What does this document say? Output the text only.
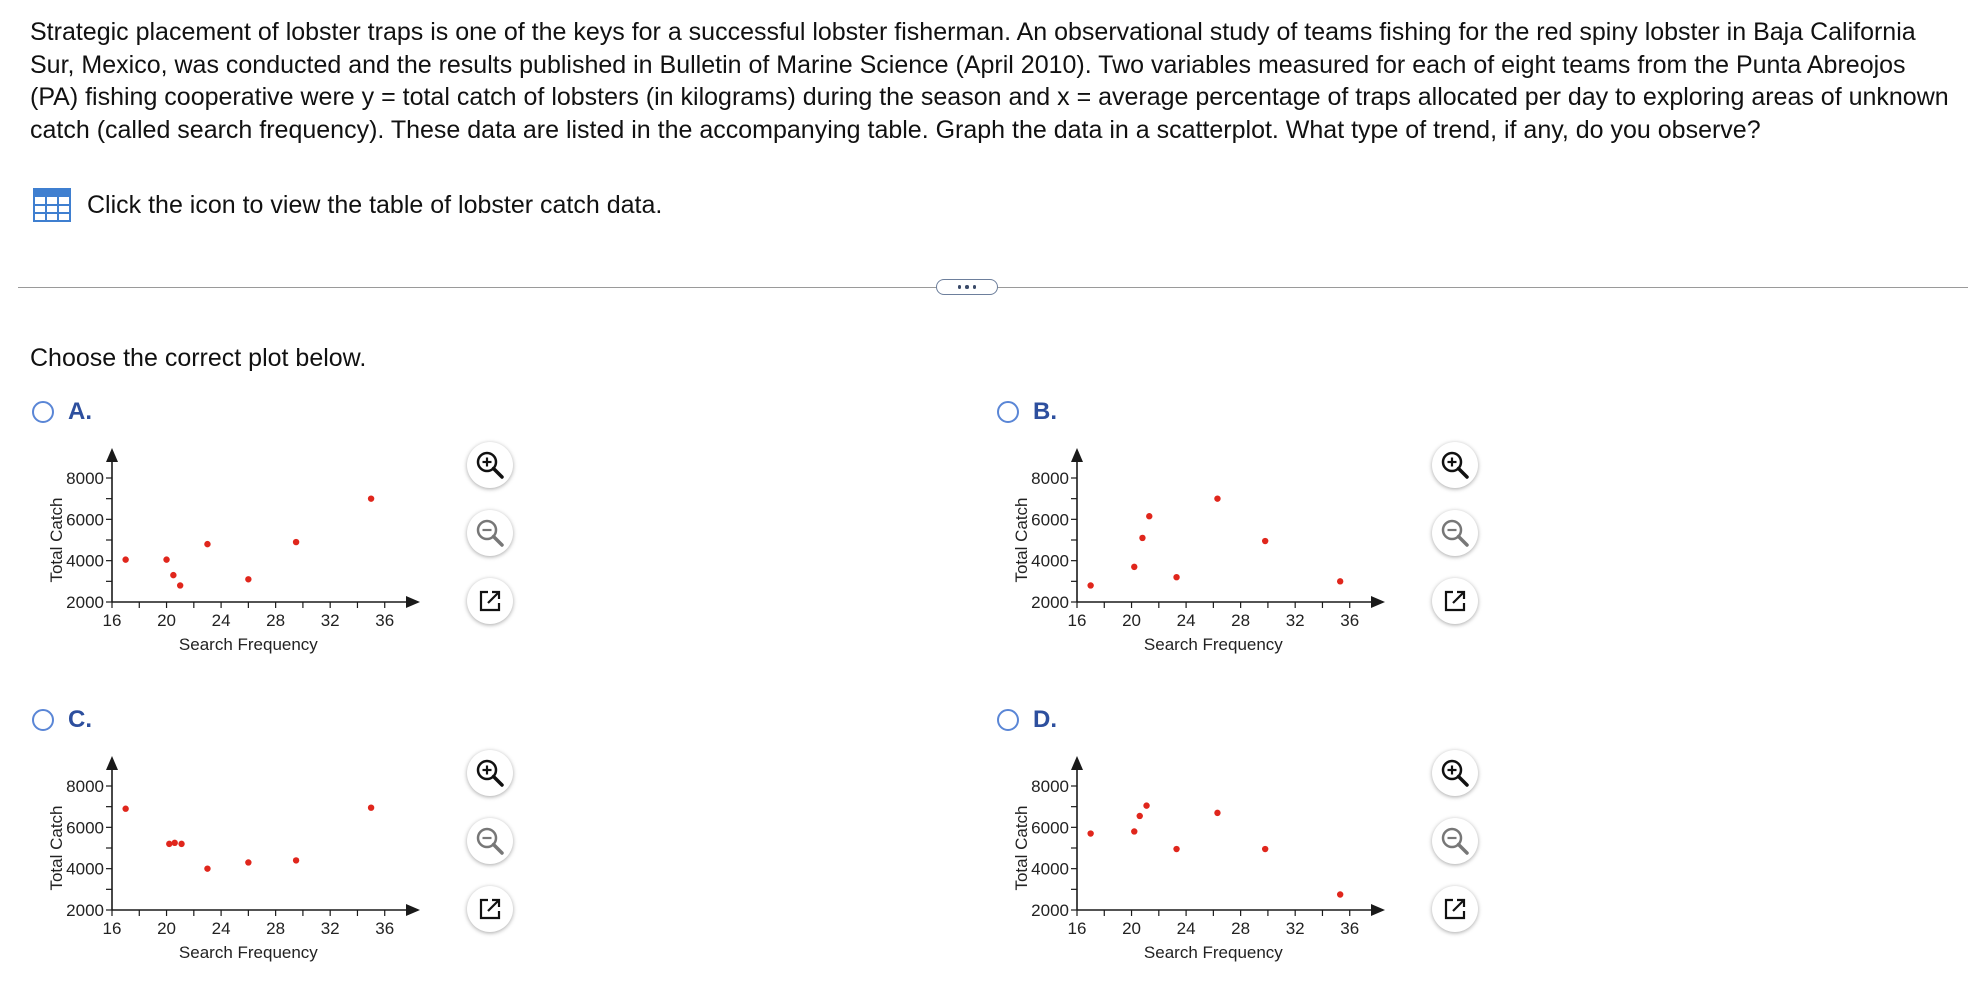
Strategic placement of lobster traps is one of the keys for a successful lobster fisherman. An observational study of teams fishing for the red spiny lobster in Baja California Sur, Mexico, was conducted and the results published in Bulletin of Marine Science (April 2010). Two variables measured for each of eight teams from the Punta Abreojos (PA) fishing cooperative were y = total catch of lobsters (in kilograms) during the season and x = average percentage of traps allocated per day to exploring areas of unknown catch (called search frequency). These data are listed in the accompanying table. Graph the data in a scatterplot. What type of trend, if any, do you observe?

Click the icon to view the table of lobster catch data.
Choose the correct plot below.
A.
2000
4000
6000
8000
16 20 24 28 32 36
Search Frequency
Total Catch
B.
2000
4000
6000
8000
16 20 24 28 32 36
Search Frequency
Total Catch
C.
2000
4000
6000
8000
16 20 24 28 32 36
Search Frequency
Total Catch
D.
2000
4000
6000
8000
16 20 24 28 32 36
Search Frequency
Total Catch
